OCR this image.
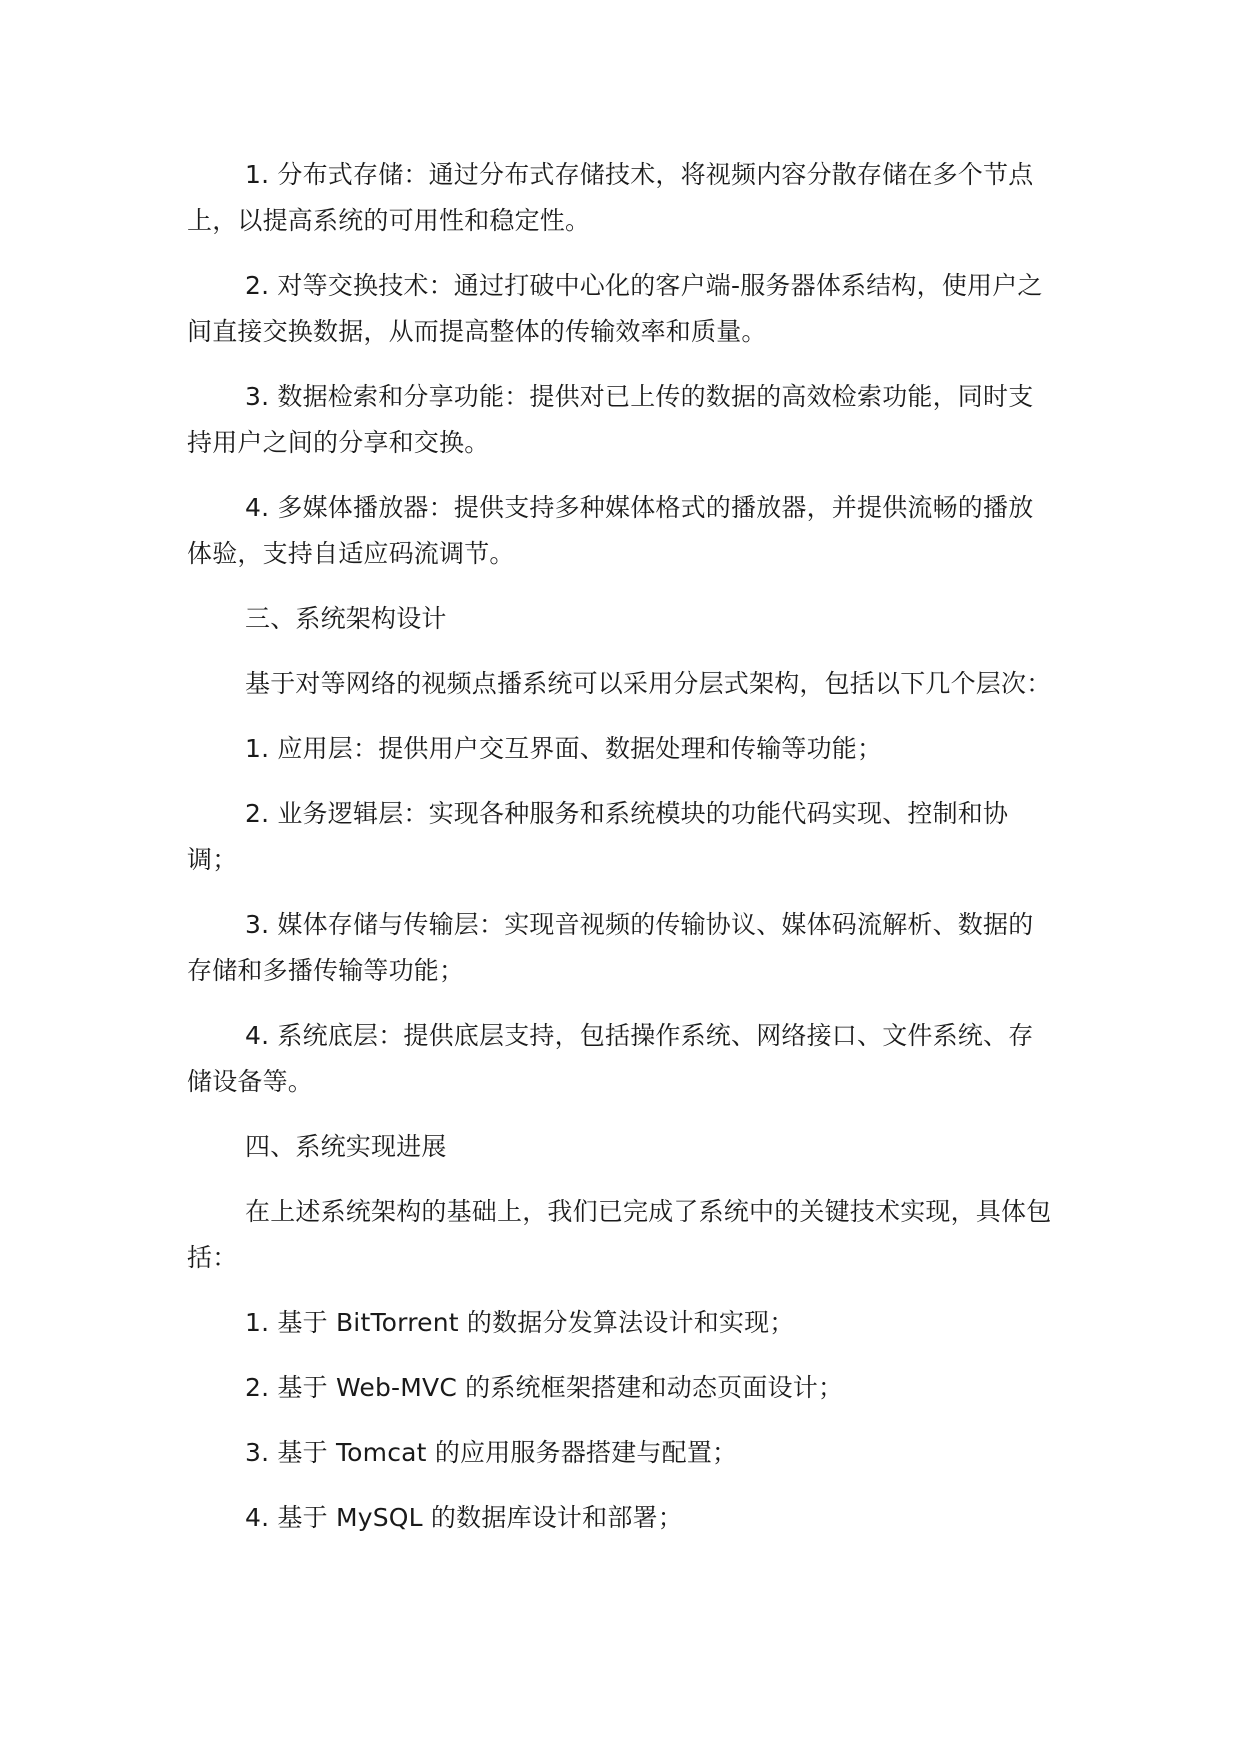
1. 分布式存储：通过分布式存储技术，将视频内容分散存储在多个节点上，以提高系统的可用性和稳定性。

2. 对等交换技术：通过打破中心化的客户端-服务器体系结构，使用户之间直接交换数据，从而提高整体的传输效率和质量。

3. 数据检索和分享功能：提供对已上传的数据的高效检索功能，同时支持用户之间的分享和交换。

4. 多媒体播放器：提供支持多种媒体格式的播放器，并提供流畅的播放体验，支持自适应码流调节。

三、系统架构设计

基于对等网络的视频点播系统可以采用分层式架构，包括以下几个层次：

1. 应用层：提供用户交互界面、数据处理和传输等功能；

2. 业务逻辑层：实现各种服务和系统模块的功能代码实现、控制和协调；

3. 媒体存储与传输层：实现音视频的传输协议、媒体码流解析、数据的存储和多播传输等功能；

4. 系统底层：提供底层支持，包括操作系统、网络接口、文件系统、存储设备等。

四、系统实现进展

在上述系统架构的基础上，我们已完成了系统中的关键技术实现，具体包括：

1. 基于 BitTorrent 的数据分发算法设计和实现；

2. 基于 Web-MVC 的系统框架搭建和动态页面设计；

3. 基于 Tomcat 的应用服务器搭建与配置；

4. 基于 MySQL 的数据库设计和部署；
